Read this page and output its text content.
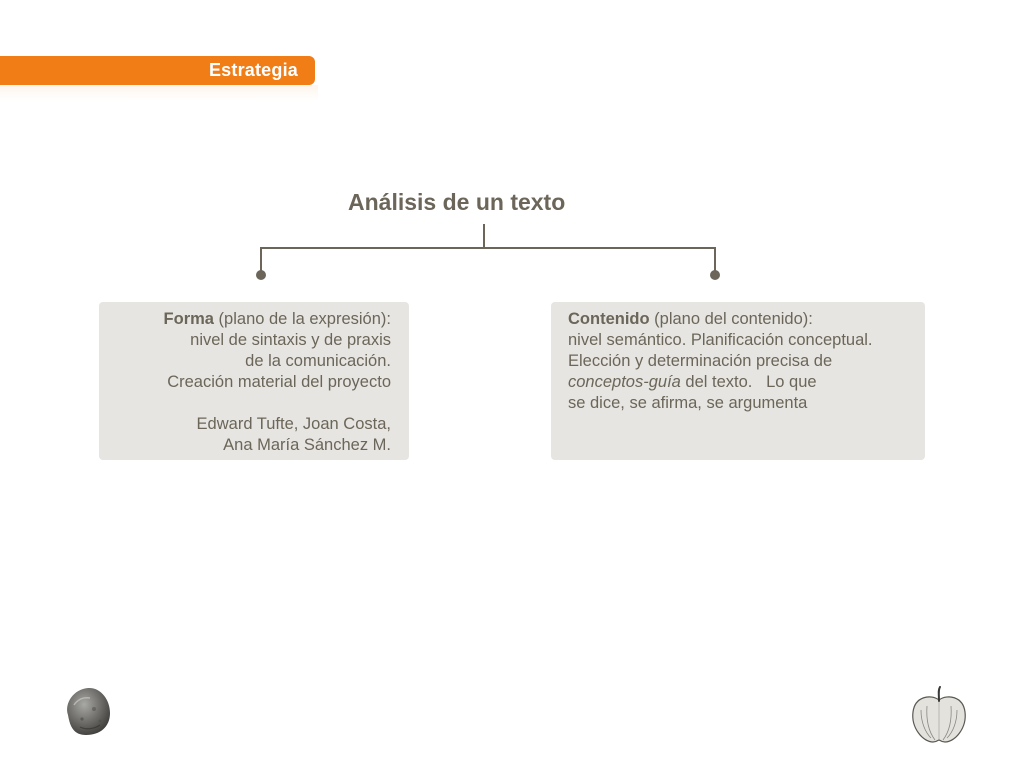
Estrategia
Análisis de un texto
Forma (plano de la expresión):
nivel de sintaxis y de praxis
de la comunicación.
Creación material del proyecto
Edward Tufte, Joan Costa,
Ana María Sánchez M.
Contenido (plano del contenido):
nivel semántico. Planificación conceptual.
Elección y determinación precisa de
conceptos-guía del texto.   Lo que
se dice, se afirma, se argumenta
